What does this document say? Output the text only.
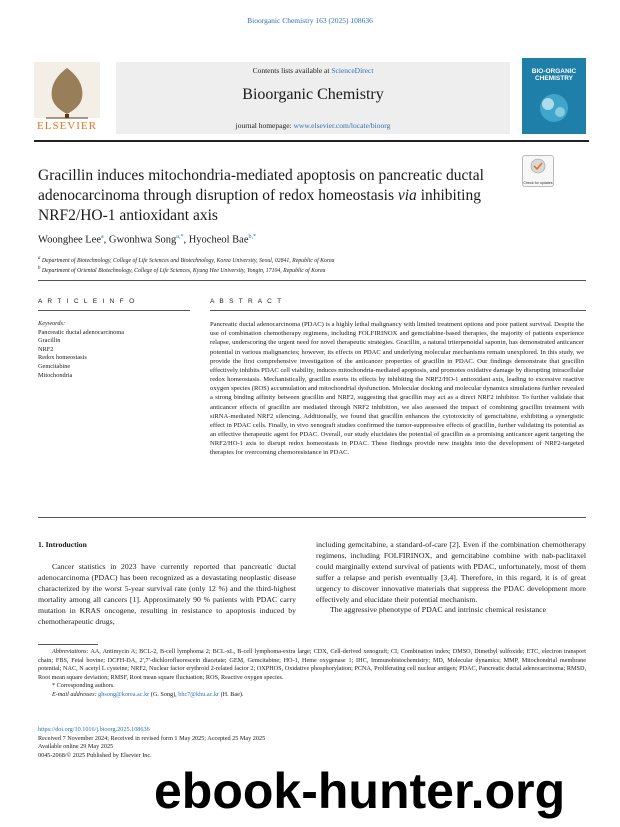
Bioorganic Chemistry 163 (2025) 108636
ELSEVIER
Contents lists available at ScienceDirect
Bioorganic Chemistry
journal homepage: www.elsevier.com/locate/bioorg
BIO-ORGANIC CHEMISTRY
Gracillin induces mitochondria-mediated apoptosis on pancreatic ductal adenocarcinoma through disruption of redox homeostasis via inhibiting NRF2/HO-1 antioxidant axis
Check for updates
Woonghee Lee$^a$, Gwonhwa Song$^{a,*}$, Hyocheol Bae$^{b,*}$
$^a$ Department of Biotechnology, College of Life Sciences and Biotechnology, Korea University, Seoul, 02841, Republic of Korea
$^b$ Department of Oriental Biotechnology, College of Life Sciences, Kyung Hee University, Yongin, 17104, Republic of Korea
A R T I C L E I N F O	A B S T R A C T
Keywords:
Pancreatic ductal adenocarcinoma
Gracillin
NRF2
Redox homeostasis
Gemcitabine
Mitochondria
Pancreatic ductal adenocarcinoma (PDAC) is a highly lethal malignancy with limited treatment options and poor patient survival. Despite the use of combination chemotherapy regimens, including FOLFIRINOX and gemcitabine-based therapies, the majority of patients experience relapse, underscoring the urgent need for novel therapeutic strategies. Gracillin, a natural triterpenoidal saponin, has demonstrated anticancer potential in various malignancies; however, its effects on PDAC and underlying molecular mechanisms remain unexplored. In this study, we provide the first comprehensive investigation of the anticancer properties of gracillin in PDAC. Our findings demonstrate that gracillin effectively inhibits PDAC cell viability, induces mitochondria-mediated apoptosis, and promotes oxidative damage by disrupting intracellular redox homeostasis. Mechanistically, gracillin exerts its effects by inhibiting the NRF2/HO-1 antioxidant axis, leading to excessive reactive oxygen species (ROS) accumulation and mitochondrial dysfunction. Molecular docking and molecular dynamics simulations further revealed a strong binding affinity between gracillin and NRF2, suggesting that gracillin may act as a direct NRF2 inhibitor. To further validate that anticancer effects of gracillin are mediated through NRF2 inhibition, we also assessed the impact of combining gracillin treatment with siRNA-mediated NRF2 silencing. Additionally, we found that gracillin enhances the cytotoxicity of gemcitabine, exhibiting a synergistic effect in PDAC cells. Finally, in vivo xenograft studies confirmed the tumor-suppressive effects of gracillin, further validating its potential as an effective therapeutic agent for PDAC. Overall, our study elucidates the potential of gracillin as a promising anticancer agent targeting the NRF2/HO-1 axis to disrupt redox homeostasis in PDAC. These findings provide new insights into the development of NRF2-targeted therapies for overcoming chemoresistance in PDAC.
1. Introduction

Cancer statistics in 2023 have currently reported that pancreatic ductal adenocarcinoma (PDAC) has been recognized as a devastating neoplastic disease characterized by the worst 5-year survival rate (only 12 %) and the third-highest mortality among all cancers [1]. Approximately 90 % patients with PDAC carry mutation in KRAS oncogene, resulting in resistance to apoptosis induced by chemotherapeutic drugs,

including gemcitabine, a standard-of-care [2]. Even if the combination chemotherapy regimens, including FOLFIRINOX, and gemcitabine combine with nab-paclitaxel could marginally extend survival of patients with PDAC, unfortunately, most of them suffer a relapse and perish eventually [3,4]. Therefore, in this regard, it is of great urgency to discover innovative materials that suppress the PDAC development more effectively and elucidate their potential mechanism.

The aggressive phenotype of PDAC and intrinsic chemical resistance

Abbreviations: AA, Antimycin A; BCL-2, B-cell lymphoma 2; BCL-xL, B-cell lymphoma-extra large; CDX, Cell-derived xenograft; CI, Combination index; DMSO, Dimethyl sulfoxide; ETC, electron transport chain; FBS, Fetal bovine; DCFH-DA, 2′,7′-dichlorofluorescein diacetate; GEM, Gemcitabine; HO-1, Heme oxygenase 1; IHC, Immunohistochemistry; MD, Molecular dynamics; MMP, Mitochondrial membrane potential; NAC, N acetyl L cysteine; NRF2, Nuclear factor erythroid 2-related factor 2; OXPHOS, Oxidative phosphorylation; PCNA, Proliferating cell nuclear antigen; PDAC, Pancreatic ductal adenocarcinoma; RMSD, Root mean square deviation; RMSF, Root mean square fluctuation; ROS, Reactive oxygen species.

* Corresponding authors.

E-mail addresses: ghsong@korea.ac.kr (G. Song), bhc7@khu.ac.kr (H. Bae).

https://doi.org/10.1016/j.bioorg.2025.108636
Received 7 November 2024; Received in revised form 1 May 2025; Accepted 25 May 2025
Available online 29 May 2025
0045-2068/© 2025 Published by Elsevier Inc.
ebook-hunter.org
